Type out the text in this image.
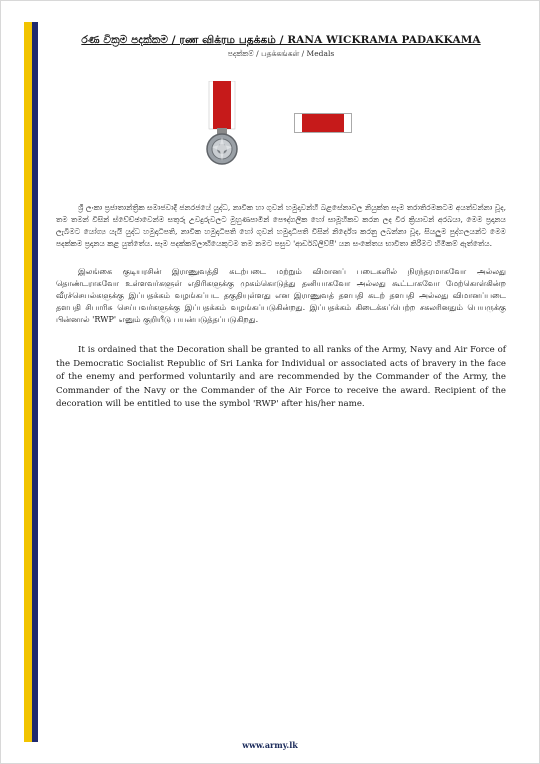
රණ වික්‍රම පදක්කම / ரண விக்ரம பதக்கம் / RANA WICKRAMA PADAKKAMA
පදක්කම් / பதக்கங்கள் / Medals

ශ්‍රී ලංකා ප්‍රජාතාන්ත්‍රික සමාජවාදී ජනරජයේ යුද්ධ, නාවික හා ගුවන් හමුදාවන්හි බළසේනාවල නියුක්ත සෑම තරාතිරමකටම අයත්වන්නා වූද, තම තමන් විසින් ස්වේච්ඡාවෙන්ම සතුරු උවදුරුවලට මුහුණපාමින් පෞද්ගලික හෝ සාමූහිකව කරන ලද වීර ක්‍රියාවන් අරබයා, මෙම ප්‍රදානය ලැබීමට යෝග්‍ය යැයි යුද්ධ හමුදාධිපති, නාවික හමුදාධිපති හෝ ගුවන් හමුදාධිපති විසින් නිර්දේශ කරනු ලබන්නා වූද, සියලුම පුද්ගලයන්ට මෙම පදක්කම ප්‍රදානය කළ යුත්තේය. සෑම පදක්කම්ලාභියෙකුටම තම නමට පසුව 'ආර්ඩබ්ලිව්පී' යන සංකේතය භාවිතා කිරීමට හිමිකම් ඇත්තේය.

இலங்கை குடியரசின் இராணுவத்தி கடற்படை மற்றும் விமானப் படைகளில் நிரந்தரமாகவோ அல்லது தொண்டராகவோ உள்ளவர்களுள் எதிரிகளுக்கு முகம்கொடுத்து தனியாகவோ அல்லது கூட்டாகவோ மேற்கொள்கின்ற வீரச்செயல்களுக்கு இப்பதக்கம் வழங்கப்பட தகுதியுள்ளது என இராணுவத் தளபதி கடற் தளபதி அல்லது விமானப்படை தளபதி சிபாரிசு செய்பவர்களுக்கு இப்பதக்கம் வழங்கப்படுகின்றது. இப்பதக்கம் கிடைக்கப்பெற்ற சகலரினதும் பெயருக்கு பின்னால் 'RWP' எனும் குறியீடு பயன்படுத்தப்படுகிறது.

It is ordained that the Decoration shall be granted to all ranks of the Army, Navy and Air Force of the Democratic Socialist Republic of Sri Lanka for Individual or associated acts of bravery in the face of the enemy and performed voluntarily and are recommended by the Commander of the Army, the Commander of the Navy or the Commander of the Air Force to receive the award. Recipient of the decoration will be entitled to use the symbol 'RWP' after his/her name.

www.army.lk
